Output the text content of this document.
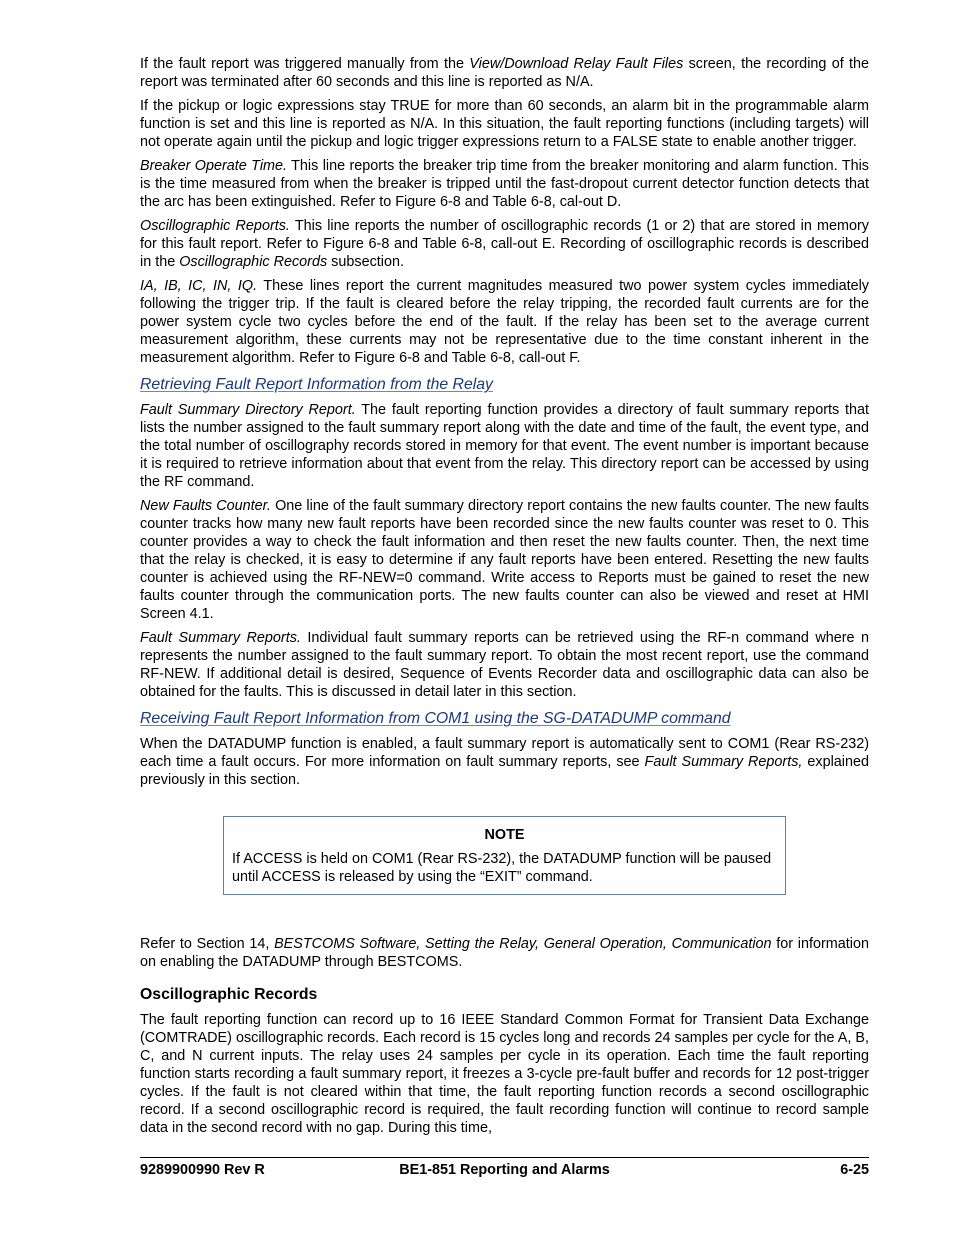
If the fault report was triggered manually from the View/Download Relay Fault Files screen, the recording of the report was terminated after 60 seconds and this line is reported as N/A.

If the pickup or logic expressions stay TRUE for more than 60 seconds, an alarm bit in the programmable alarm function is set and this line is reported as N/A. In this situation, the fault reporting functions (including targets) will not operate again until the pickup and logic trigger expressions return to a FALSE state to enable another trigger.

Breaker Operate Time. This line reports the breaker trip time from the breaker monitoring and alarm function. This is the time measured from when the breaker is tripped until the fast-dropout current detector function detects that the arc has been extinguished. Refer to Figure 6-8 and Table 6-8, cal-out D.

Oscillographic Reports. This line reports the number of oscillographic records (1 or 2) that are stored in memory for this fault report. Refer to Figure 6-8 and Table 6-8, call-out E. Recording of oscillographic records is described in the Oscillographic Records subsection.

IA, IB, IC, IN, IQ. These lines report the current magnitudes measured two power system cycles immediately following the trigger trip. If the fault is cleared before the relay tripping, the recorded fault currents are for the power system cycle two cycles before the end of the fault. If the relay has been set to the average current measurement algorithm, these currents may not be representative due to the time constant inherent in the measurement algorithm. Refer to Figure 6-8 and Table 6-8, call-out F.

Retrieving Fault Report Information from the Relay

Fault Summary Directory Report. The fault reporting function provides a directory of fault summary reports that lists the number assigned to the fault summary report along with the date and time of the fault, the event type, and the total number of oscillography records stored in memory for that event. The event number is important because it is required to retrieve information about that event from the relay. This directory report can be accessed by using the RF command.

New Faults Counter. One line of the fault summary directory report contains the new faults counter. The new faults counter tracks how many new fault reports have been recorded since the new faults counter was reset to 0. This counter provides a way to check the fault information and then reset the new faults counter. Then, the next time that the relay is checked, it is easy to determine if any fault reports have been entered. Resetting the new faults counter is achieved using the RF-NEW=0 command. Write access to Reports must be gained to reset the new faults counter through the communication ports. The new faults counter can also be viewed and reset at HMI Screen 4.1.

Fault Summary Reports. Individual fault summary reports can be retrieved using the RF-n command where n represents the number assigned to the fault summary report. To obtain the most recent report, use the command RF-NEW. If additional detail is desired, Sequence of Events Recorder data and oscillographic data can also be obtained for the faults. This is discussed in detail later in this section.

Receiving Fault Report Information from COM1 using the SG-DATADUMP command

When the DATADUMP function is enabled, a fault summary report is automatically sent to COM1 (Rear RS-232) each time a fault occurs. For more information on fault summary reports, see Fault Summary Reports, explained previously in this section.

NOTE
If ACCESS is held on COM1 (Rear RS-232), the DATADUMP function will be paused until ACCESS is released by using the “EXIT” command.

Refer to Section 14, BESTCOMS Software, Setting the Relay, General Operation, Communication for information on enabling the DATADUMP through BESTCOMS.

Oscillographic Records

The fault reporting function can record up to 16 IEEE Standard Common Format for Transient Data Exchange (COMTRADE) oscillographic records. Each record is 15 cycles long and records 24 samples per cycle for the A, B, C, and N current inputs. The relay uses 24 samples per cycle in its operation. Each time the fault reporting function starts recording a fault summary report, it freezes a 3-cycle pre-fault buffer and records for 12 post-trigger cycles. If the fault is not cleared within that time, the fault reporting function records a second oscillographic record. If a second oscillographic record is required, the fault recording function will continue to record sample data in the second record with no gap. During this time,

9289900990 Rev R	BE1-851 Reporting and Alarms	6-25
